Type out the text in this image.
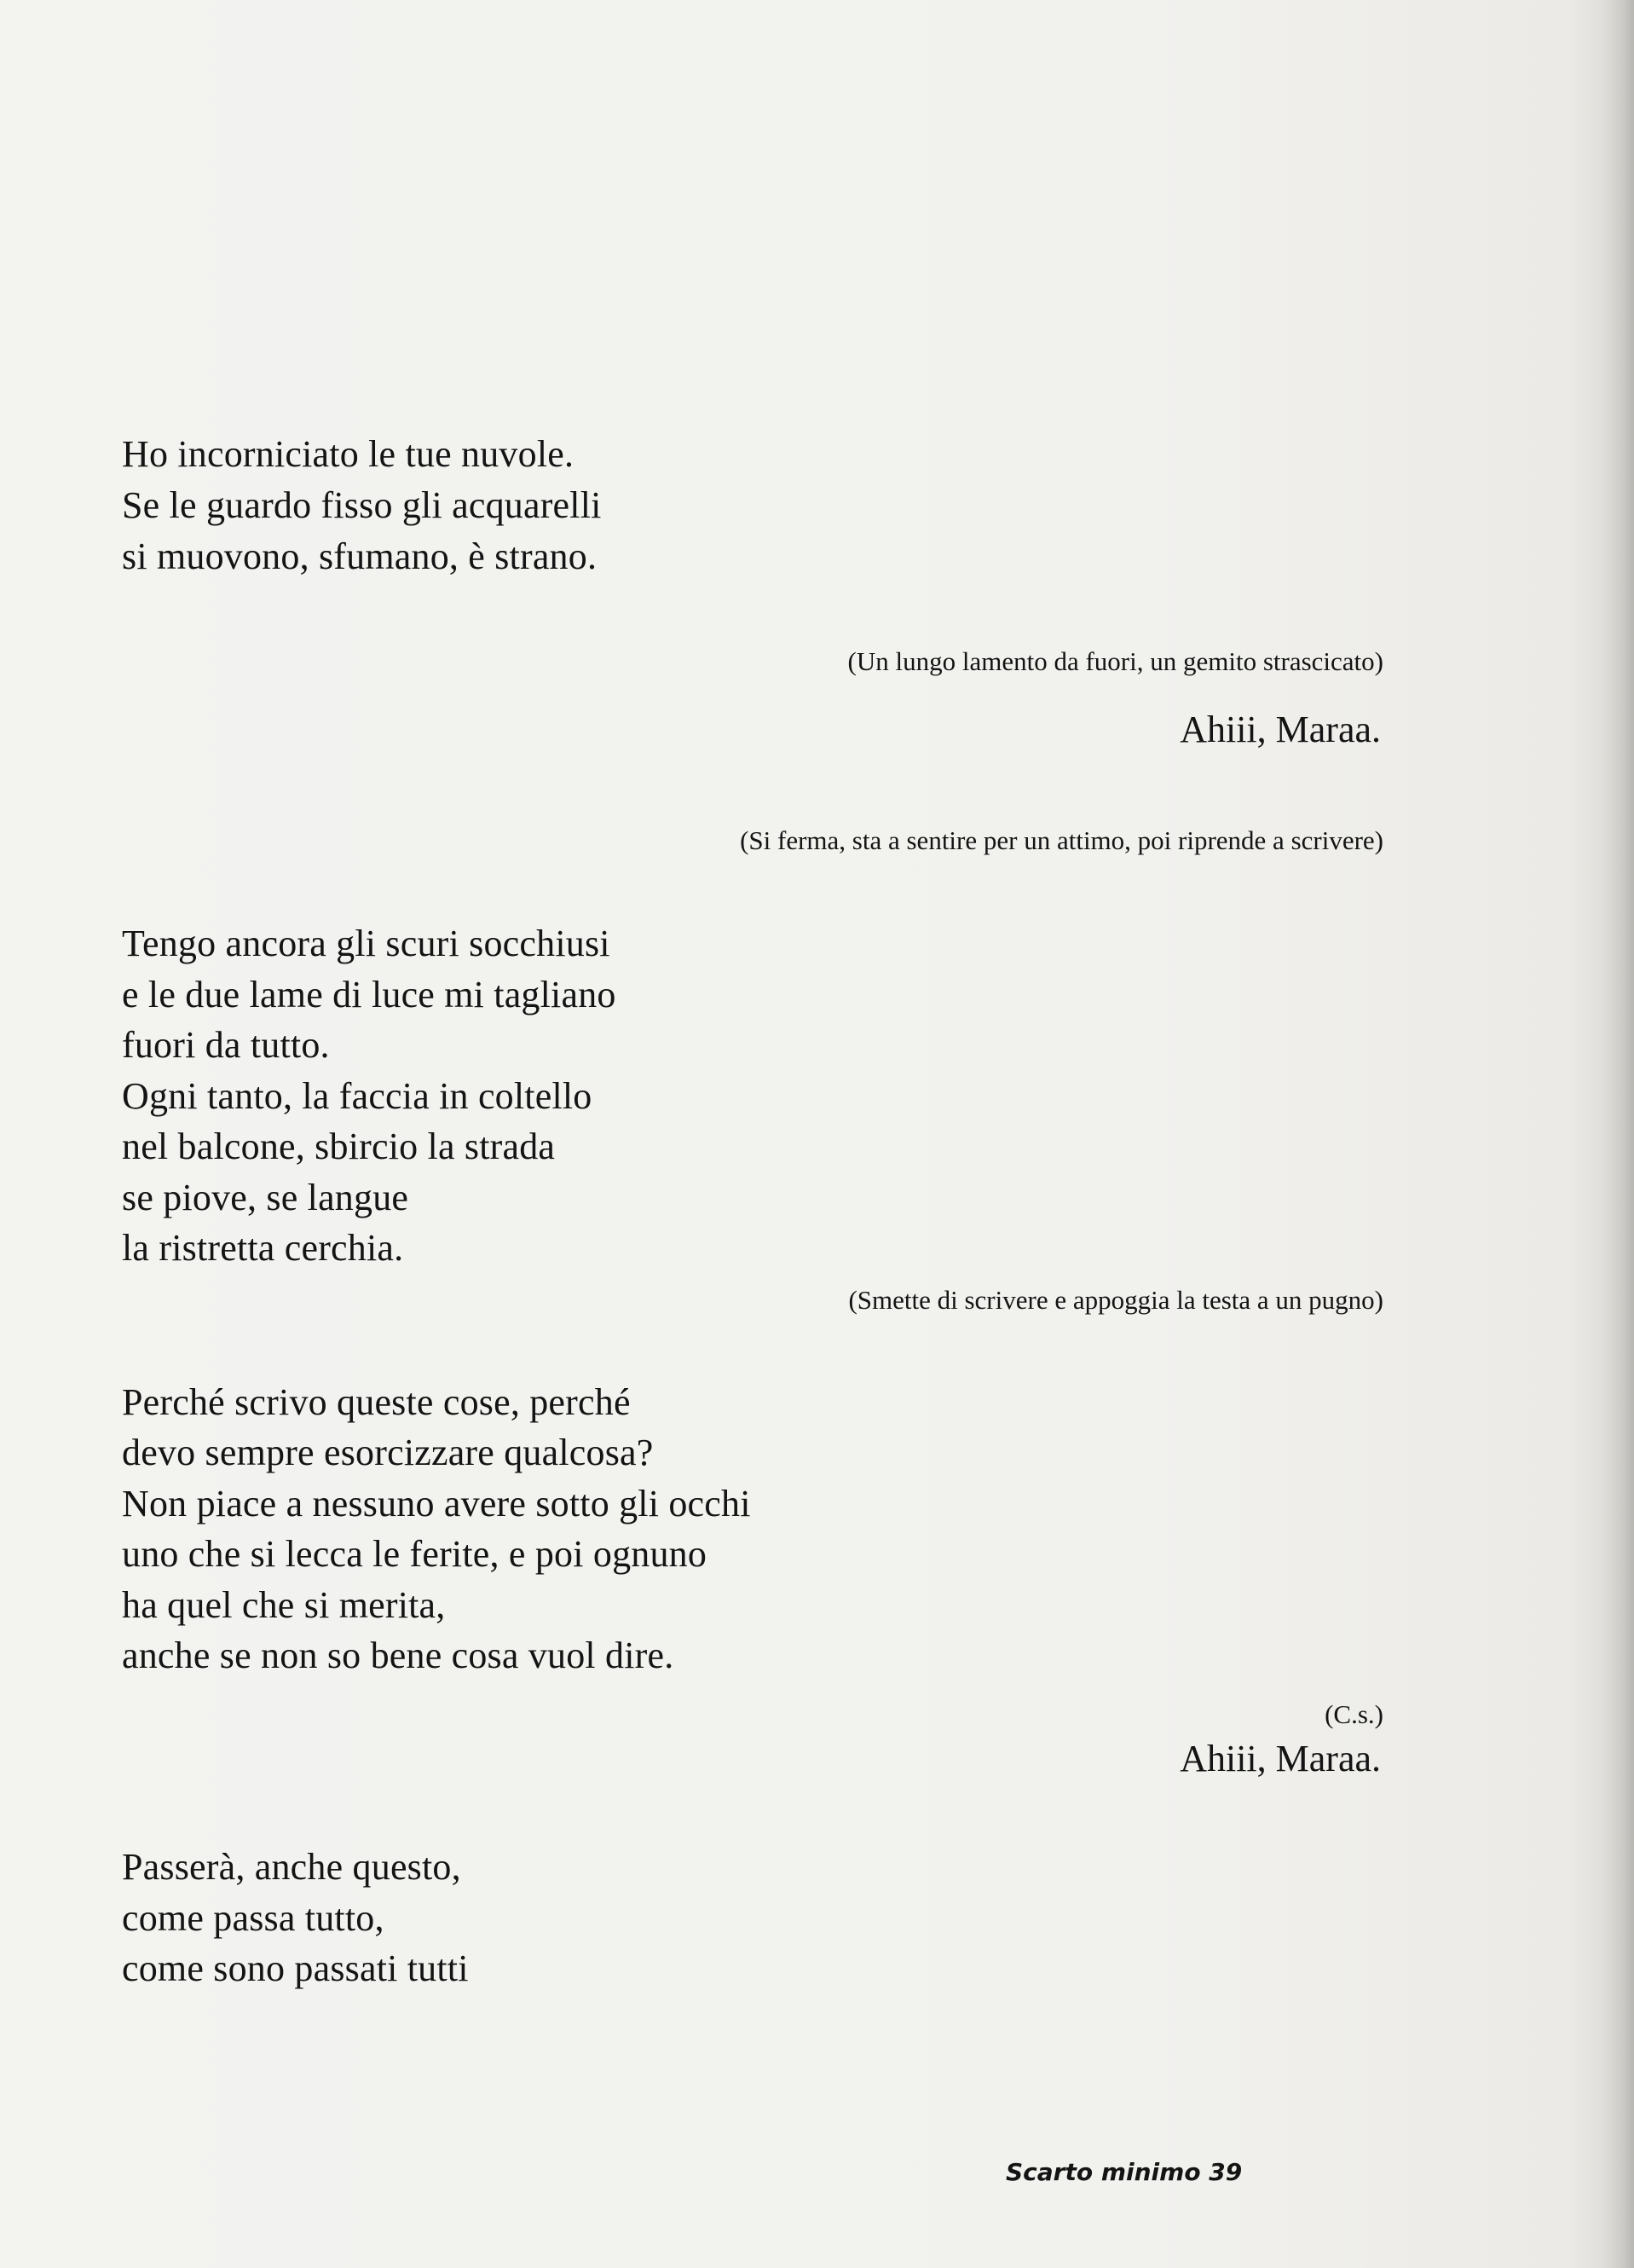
Ho incorniciato le tue nuvole.
Se le guardo fisso gli acquarelli
si muovono, sfumano, è strano.
(Un lungo lamento da fuori, un gemito strascicato)
Ahiii, Maraa.
(Si ferma, sta a sentire per un attimo, poi riprende a scrivere)
Tengo ancora gli scuri socchiusi
e le due lame di luce mi tagliano
fuori da tutto.
Ogni tanto, la faccia in coltello
nel balcone, sbircio la strada
se piove, se langue
la ristretta cerchia.
(Smette di scrivere e appoggia la testa a un pugno)
Perché scrivo queste cose, perché
devo sempre esorcizzare qualcosa?
Non piace a nessuno avere sotto gli occhi
uno che si lecca le ferite, e poi ognuno
ha quel che si merita,
anche se non so bene cosa vuol dire.
(C.s.)
Ahiii, Maraa.
Passerà, anche questo,
come passa tutto,
come sono passati tutti
Scarto minimo 39
